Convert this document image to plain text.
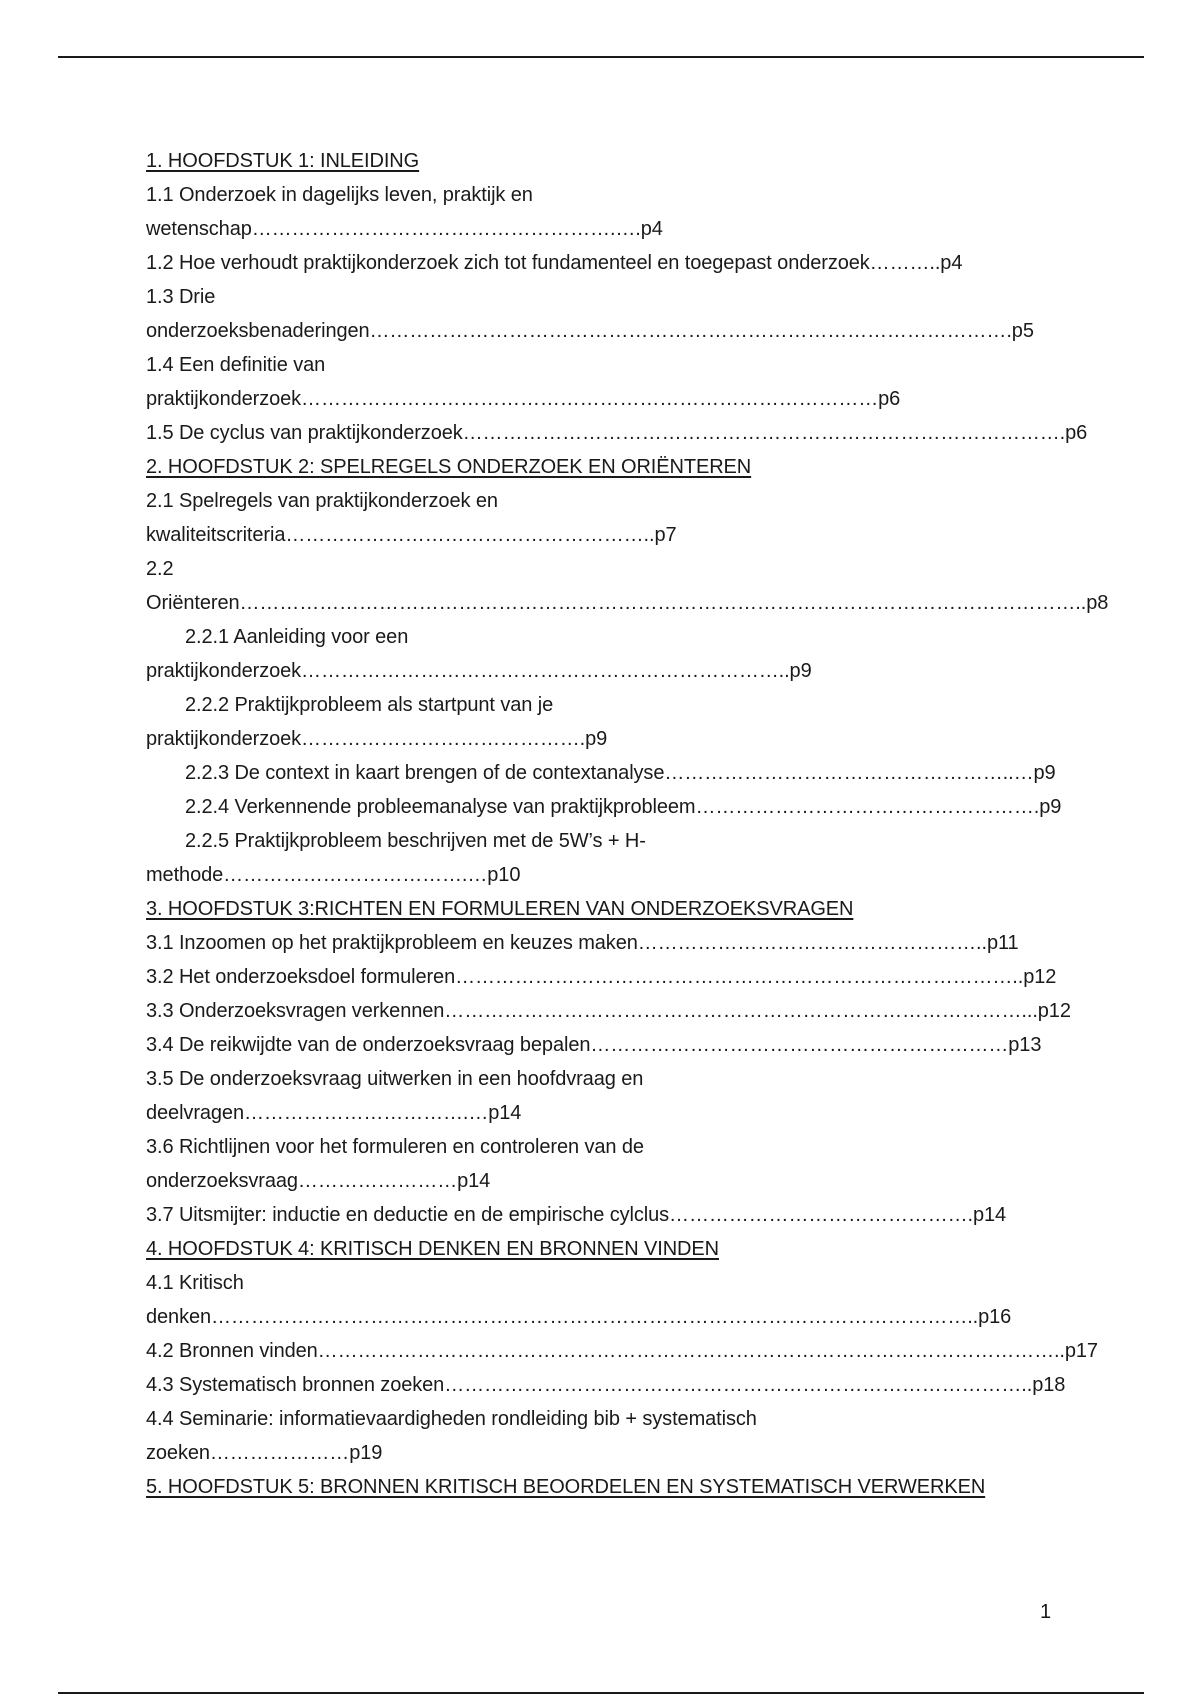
1. HOOFDSTUK 1: INLEIDING
1.1 Onderzoek in dagelijks leven, praktijk en
wetenschap……………………………………………….….p4
1.2 Hoe verhoudt praktijkonderzoek zich tot fundamenteel en toegepast onderzoek………..p4
1.3 Drie
onderzoeksbenaderingen…………………………………………………………………………………….p5
1.4 Een definitie van
praktijkonderzoek……………………………………………………………………………p6
1.5 De cyclus van praktijkonderzoek……………………………………………………………………………….p6
2. HOOFDSTUK 2: SPELREGELS ONDERZOEK EN ORIËNTEREN
2.1 Spelregels van praktijkonderzoek en
kwaliteitscriteria………………………………………………..p7
2.2
Oriënteren………………………………………………………………………………………………………………..p8
2.2.1 Aanleiding voor een
praktijkonderzoek………………………………………………………………..p9
2.2.2 Praktijkprobleem als startpunt van je
praktijkonderzoek…………………………………….p9
2.2.3 De context in kaart brengen of de contextanalyse……………………………………………..…p9
2.2.4 Verkennende probleemanalyse van praktijkprobleem…………………………………………….p9
2.2.5 Praktijkprobleem beschrijven met de 5W’s + H-
methode……………………………….…p10
3. HOOFDSTUK 3:RICHTEN EN FORMULEREN VAN ONDERZOEKSVRAGEN
3.1 Inzoomen op het praktijkprobleem en keuzes maken……………………………………………..p11
3.2 Het onderzoeksdoel formuleren…………………………………………………………………………..p12
3.3 Onderzoeksvragen verkennen……………………………………………………………………………...p12
3.4 De reikwijdte van de onderzoeksvraag bepalen………………………………………………………p13
3.5 De onderzoeksvraag uitwerken in een hoofdvraag en
deelvragen…………………………….…p14
3.6 Richtlijnen voor het formuleren en controleren van de
onderzoeksvraag……………………p14
3.7 Uitsmijter: inductie en deductie en de empirische cylclus……………………………………….p14
4. HOOFDSTUK 4: KRITISCH DENKEN EN BRONNEN VINDEN
4.1 Kritisch
denken……………………………………………………………………………………………………..p16
4.2 Bronnen vinden…………………………………………………………………………………………………..p17
4.3 Systematisch bronnen zoeken……………………………………………………………………………..p18
4.4 Seminarie: informatievaardigheden rondleiding bib + systematisch
zoeken…………………p19
5. HOOFDSTUK 5: BRONNEN KRITISCH BEOORDELEN EN SYSTEMATISCH VERWERKEN
1
